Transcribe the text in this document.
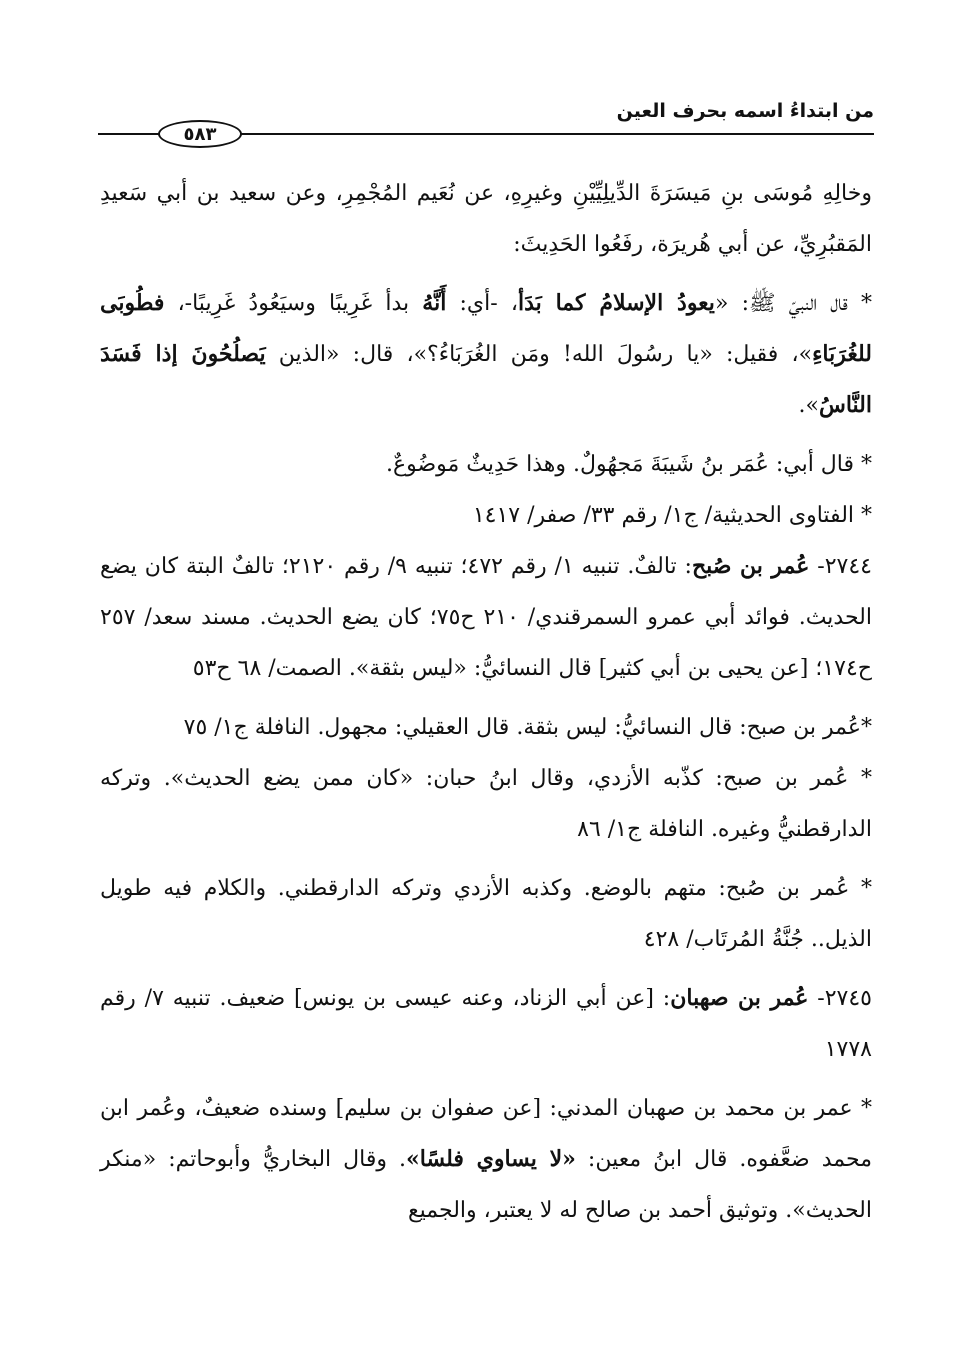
من ابتداءُ اسمه بحرف العين
٥٨٣

وخالِهِ مُوسَى بنِ مَيسَرَةَ الدِّيلِيِّيْنِ وغيرِهِ، عن نُعَيم المُجْمِرِ، وعن سعيد بن أبي سَعيدِ المَقبُرِيِّ، عن أبي هُريرَة، رفَعُوا الحَدِيثَ:

* قال النبيّ ﷺ: «يعودُ الإسلامُ كما بَدَأ، -أي: أَنَّهُ بدأ غَرِيبًا وسيَعُودُ غَرِيبًا-، فطُوبَى للغُرَبَاءِ»، فقيل: «يا رسُولَ الله! ومَن الغُرَبَاءُ؟»، قال: «الذين يَصلُحُونَ إذا فَسَدَ النَّاسُ».

* قال أبي: عُمَر بنُ شَيبَةَ مَجهُولٌ. وهذا حَدِيثٌ مَوضُوعٌ.

* الفتاوى الحديثية/ ج١/ رقم ٣٣/ صفر/ ١٤١٧

٢٧٤٤- عُمر بن صُبح: تالفٌ. تنبيه ١/ رقم ٤٧٢؛ تنبيه ٩/ رقم ٢١٢٠؛ تالفٌ البتة كان يضع الحديث. فوائد أبي عمرو السمرقندي/ ٢١٠ ح٧٥؛ كان يضع الحديث. مسند سعد/ ٢٥٧ ح١٧٤؛ [عن يحيى بن أبي كثير] قال النسائيُّ: «ليس بثقة». الصمت/ ٦٨ ح٥٣

*عُمر بن صبح: قال النسائيُّ: ليس بثقة. قال العقيلي: مجهول. النافلة ج١/ ٧٥

* عُمر بن صبح: كذّبه الأزدي، وقال ابنُ حبان: «كان ممن يضع الحديث». وتركه الدارقطنيُّ وغيره. النافلة ج١/ ٨٦

* عُمر بن صُبح: متهم بالوضع. وكذبه الأزدي وتركه الدارقطني. والكلام فيه طويل الذيل.. جُنَّةُ المُرتَاب/ ٤٢٨

٢٧٤٥- عُمر بن صهبان: [عن أبي الزناد، وعنه عيسى بن يونس] ضعيف. تنبيه ٧/ رقم ١٧٧٨

* عمر بن محمد بن صهبان المدني: [عن صفوان بن سليم] وسنده ضعيفٌ، وعُمر ابن محمد ضعَّفوه. قال ابنُ معين: «لا يساوي فلسًا». وقال البخاريُّ وأبوحاتم: «منكر الحديث». وتوثيق أحمد بن صالح له لا يعتبر، والجميع
